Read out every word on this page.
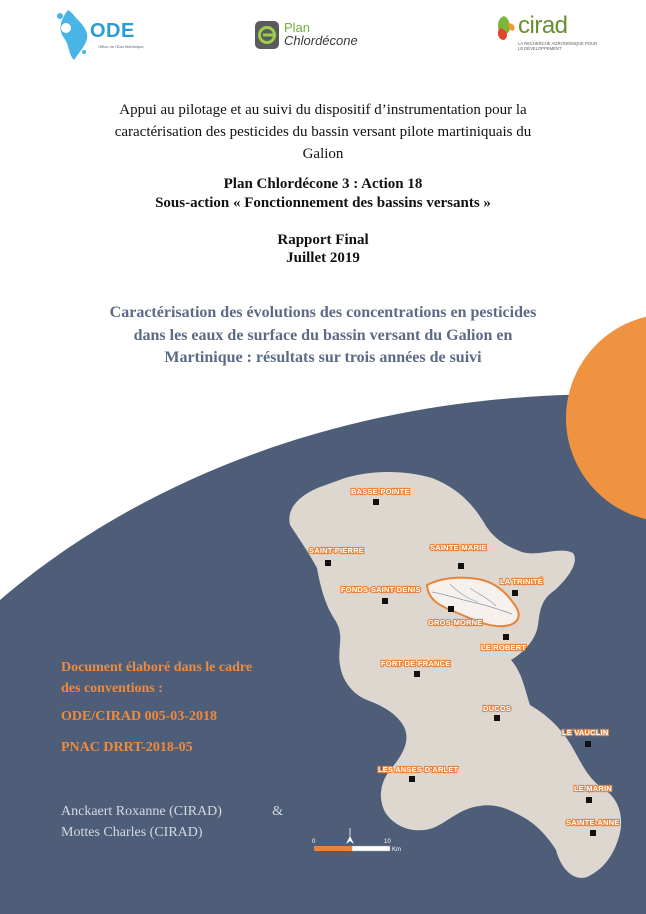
BASSE-POINTE
SAINT-PIERRE	SAINTE-MARIE
LA TRINITÉ
FONDS-SAINT-DENIS
GROS-MORNE
LE ROBERT
FORT-DE-FRANCE
DUCOS
LE VAUCLIN
LES ANSES-D'ARLET
LE MARIN
SAINTE-ANNE
0	10
Km
ODE
Office de l'Eau Martinique
Plan
Chlordécone
cirad
LA RECHERCHE AGRONOMIQUE POUR LE DÉVELOPPEMENT
Appui au pilotage et au suivi du dispositif d’instrumentation pour la
caractérisation des pesticides du bassin versant pilote martiniquais du
Galion
Plan Chlordécone 3 : Action 18
Sous-action « Fonctionnement des bassins versants »
Rapport Final
Juillet 2019
Caractérisation des évolutions des concentrations en pesticides
dans les eaux de surface du bassin versant du Galion en
Martinique : résultats sur trois années de suivi
Document élaboré dans le cadre
des conventions :
ODE/CIRAD 005-03-2018
PNAC DRRT-2018-05
Anckaert Roxanne (CIRAD)	&
Mottes Charles (CIRAD)
